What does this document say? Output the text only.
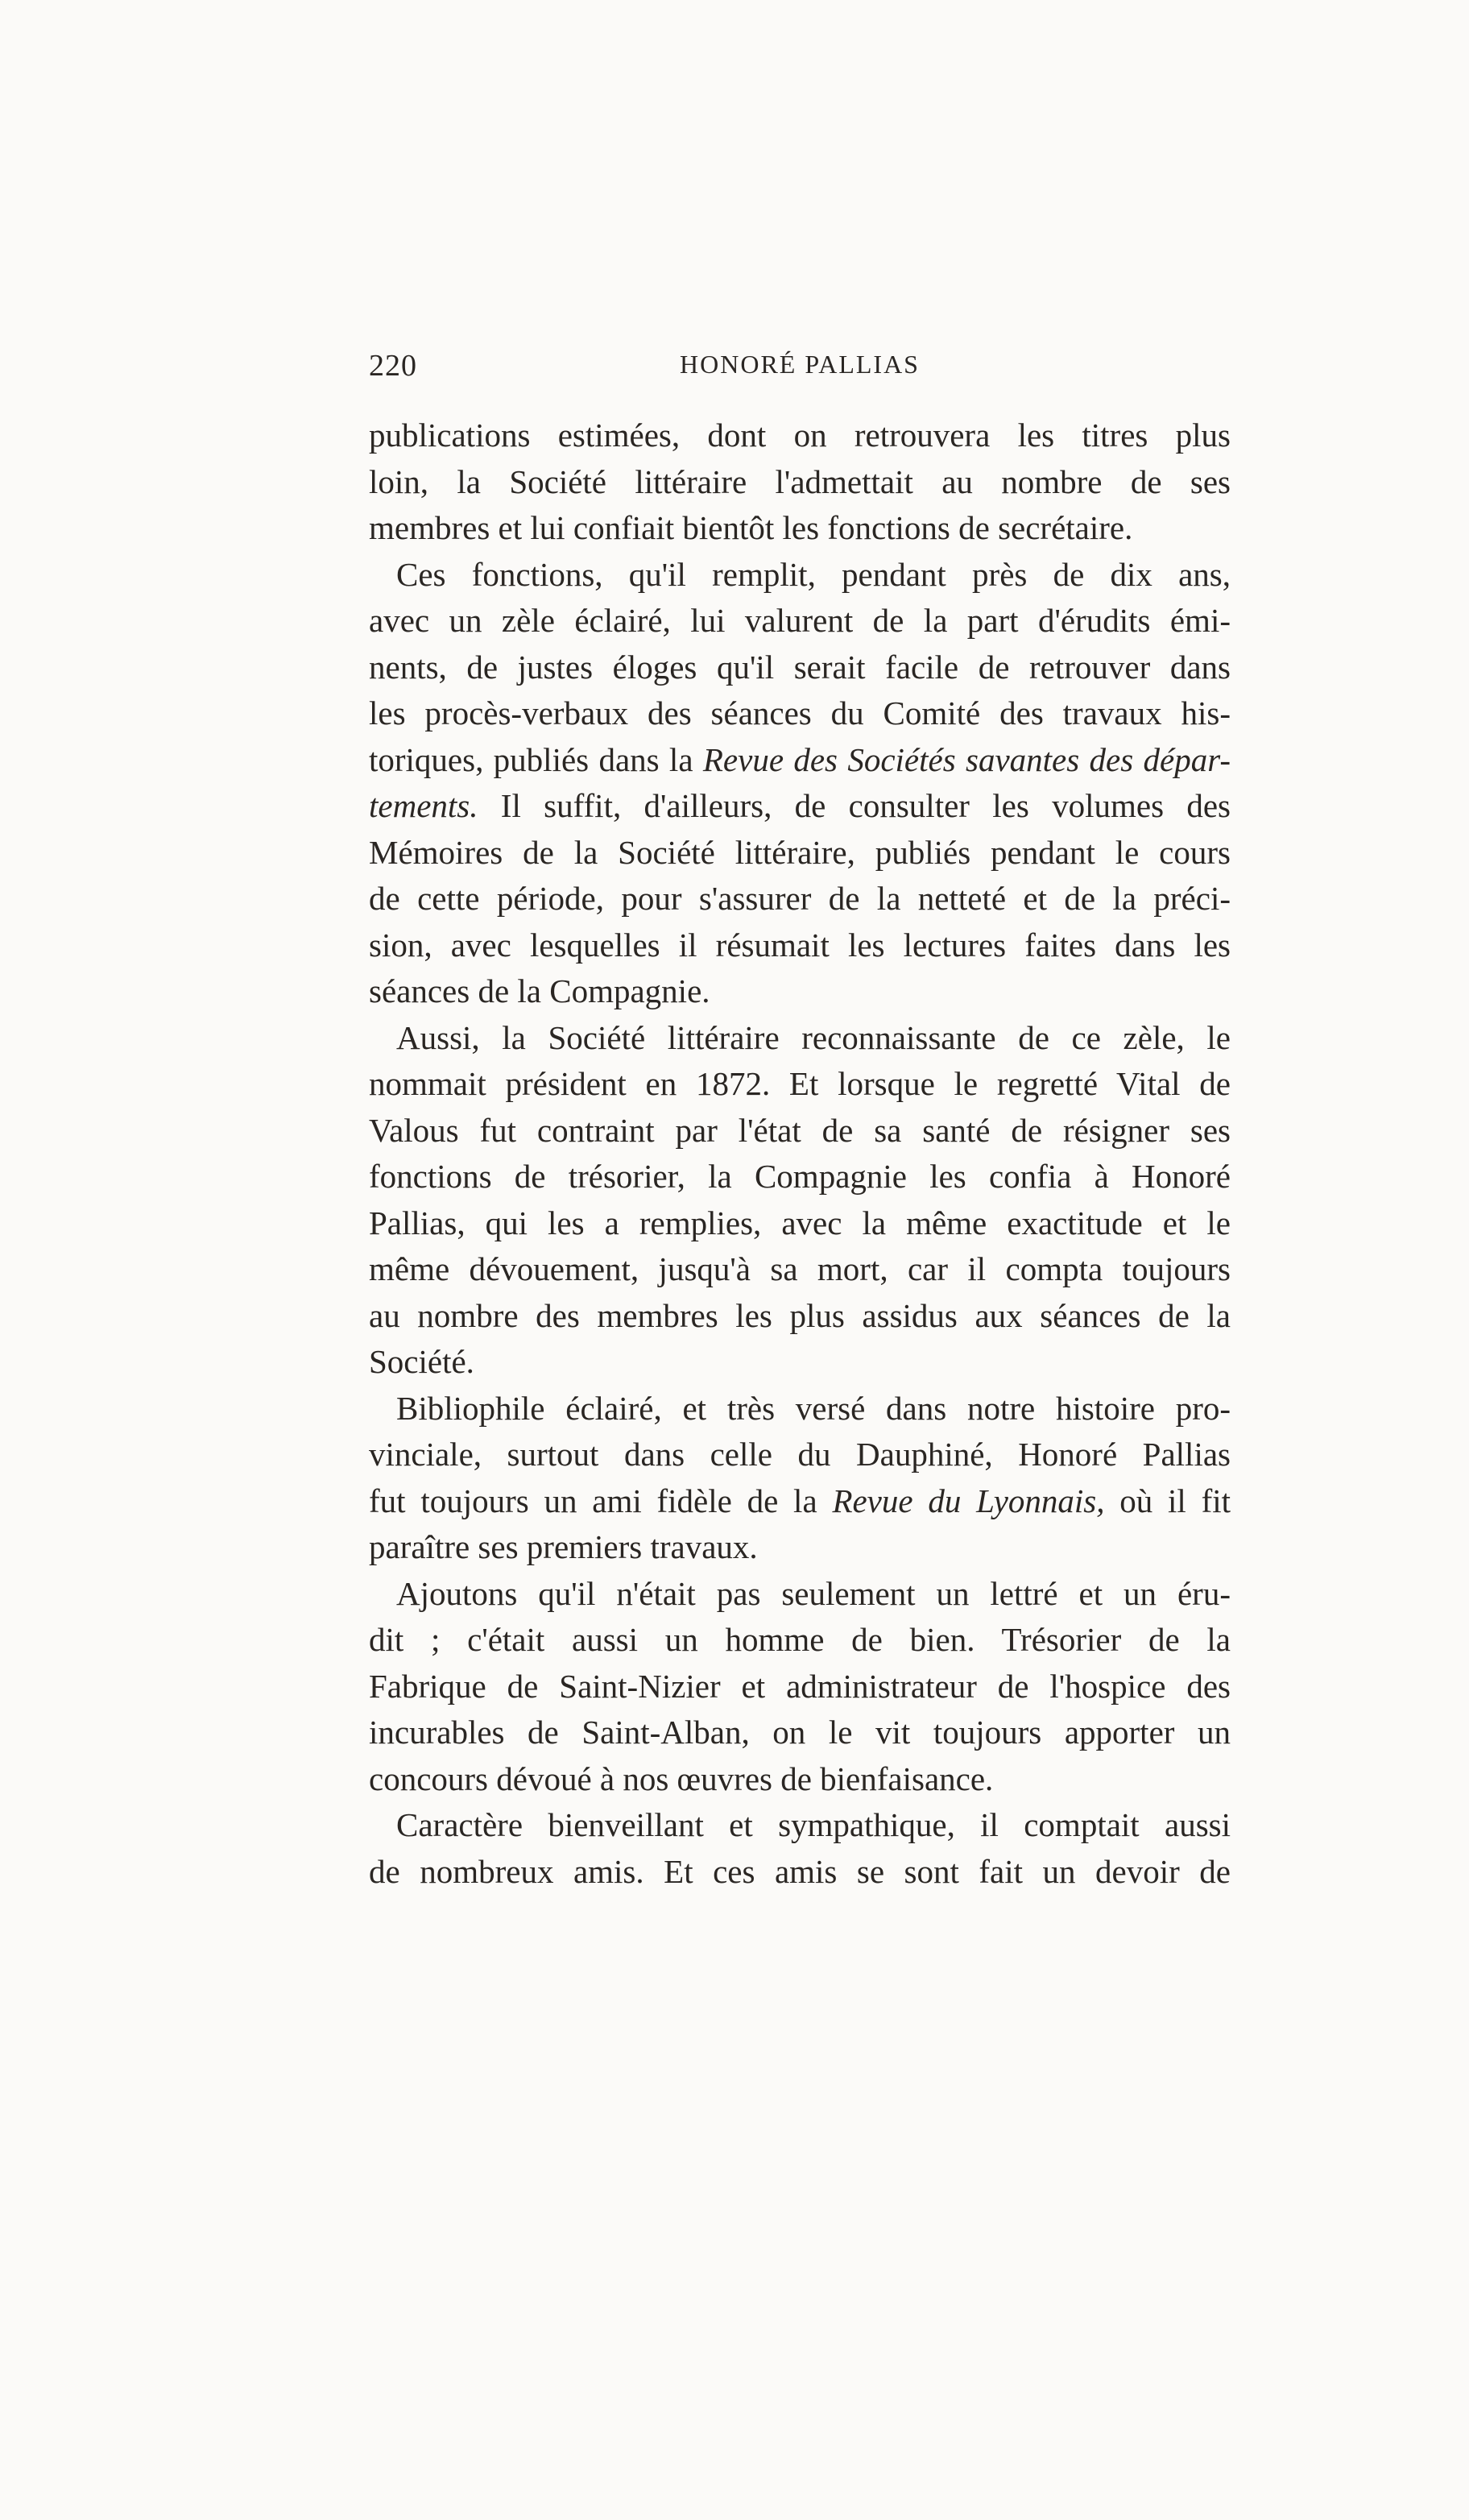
220	HONORÉ PALLIAS

publications estimées, dont on retrouvera les titres plus
loin, la Société littéraire l'admettait au nombre de ses
membres et lui confiait bientôt les fonctions de secrétaire.

Ces fonctions, qu'il remplit, pendant près de dix ans,
avec un zèle éclairé, lui valurent de la part d'érudits émi-
nents, de justes éloges qu'il serait facile de retrouver dans
les procès-verbaux des séances du Comité des travaux his-
toriques, publiés dans la Revue des Sociétés savantes des dépar-
tements. Il suffit, d'ailleurs, de consulter les volumes des
Mémoires de la Société littéraire, publiés pendant le cours
de cette période, pour s'assurer de la netteté et de la préci-
sion, avec lesquelles il résumait les lectures faites dans les
séances de la Compagnie.

Aussi, la Société littéraire reconnaissante de ce zèle, le
nommait président en 1872. Et lorsque le regretté Vital de
Valous fut contraint par l'état de sa santé de résigner ses
fonctions de trésorier, la Compagnie les confia à Honoré
Pallias, qui les a remplies, avec la même exactitude et le
même dévouement, jusqu'à sa mort, car il compta toujours
au nombre des membres les plus assidus aux séances de la
Société.

Bibliophile éclairé, et très versé dans notre histoire pro-
vinciale, surtout dans celle du Dauphiné, Honoré Pallias
fut toujours un ami fidèle de la Revue du Lyonnais, où il fit
paraître ses premiers travaux.

Ajoutons qu'il n'était pas seulement un lettré et un éru-
dit ; c'était aussi un homme de bien. Trésorier de la
Fabrique de Saint-Nizier et administrateur de l'hospice des
incurables de Saint-Alban, on le vit toujours apporter un
concours dévoué à nos œuvres de bienfaisance.

Caractère bienveillant et sympathique, il comptait aussi
de nombreux amis. Et ces amis se sont fait un devoir de
